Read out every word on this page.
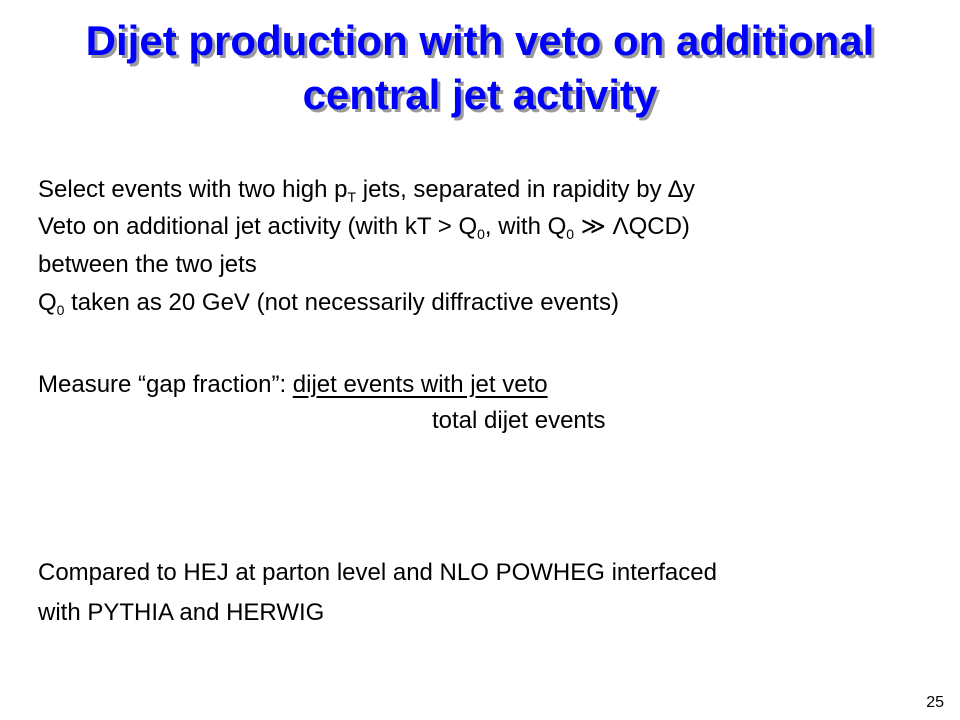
Dijet production with veto on additional
central jet activity
Select events with two high $p_T$ jets, separated in rapidity by ∆y
Veto on additional jet activity (with kT > $Q_0$, with $Q_0$ ≫ ΛQCD)
between the two jets
$Q_0$ taken as 20 GeV (not necessarily diffractive events)
Measure “gap fraction”: dijet events with jet veto
total dijet events
Compared to HEJ at parton level and NLO POWHEG interfaced
with PYTHIA and HERWIG
25
